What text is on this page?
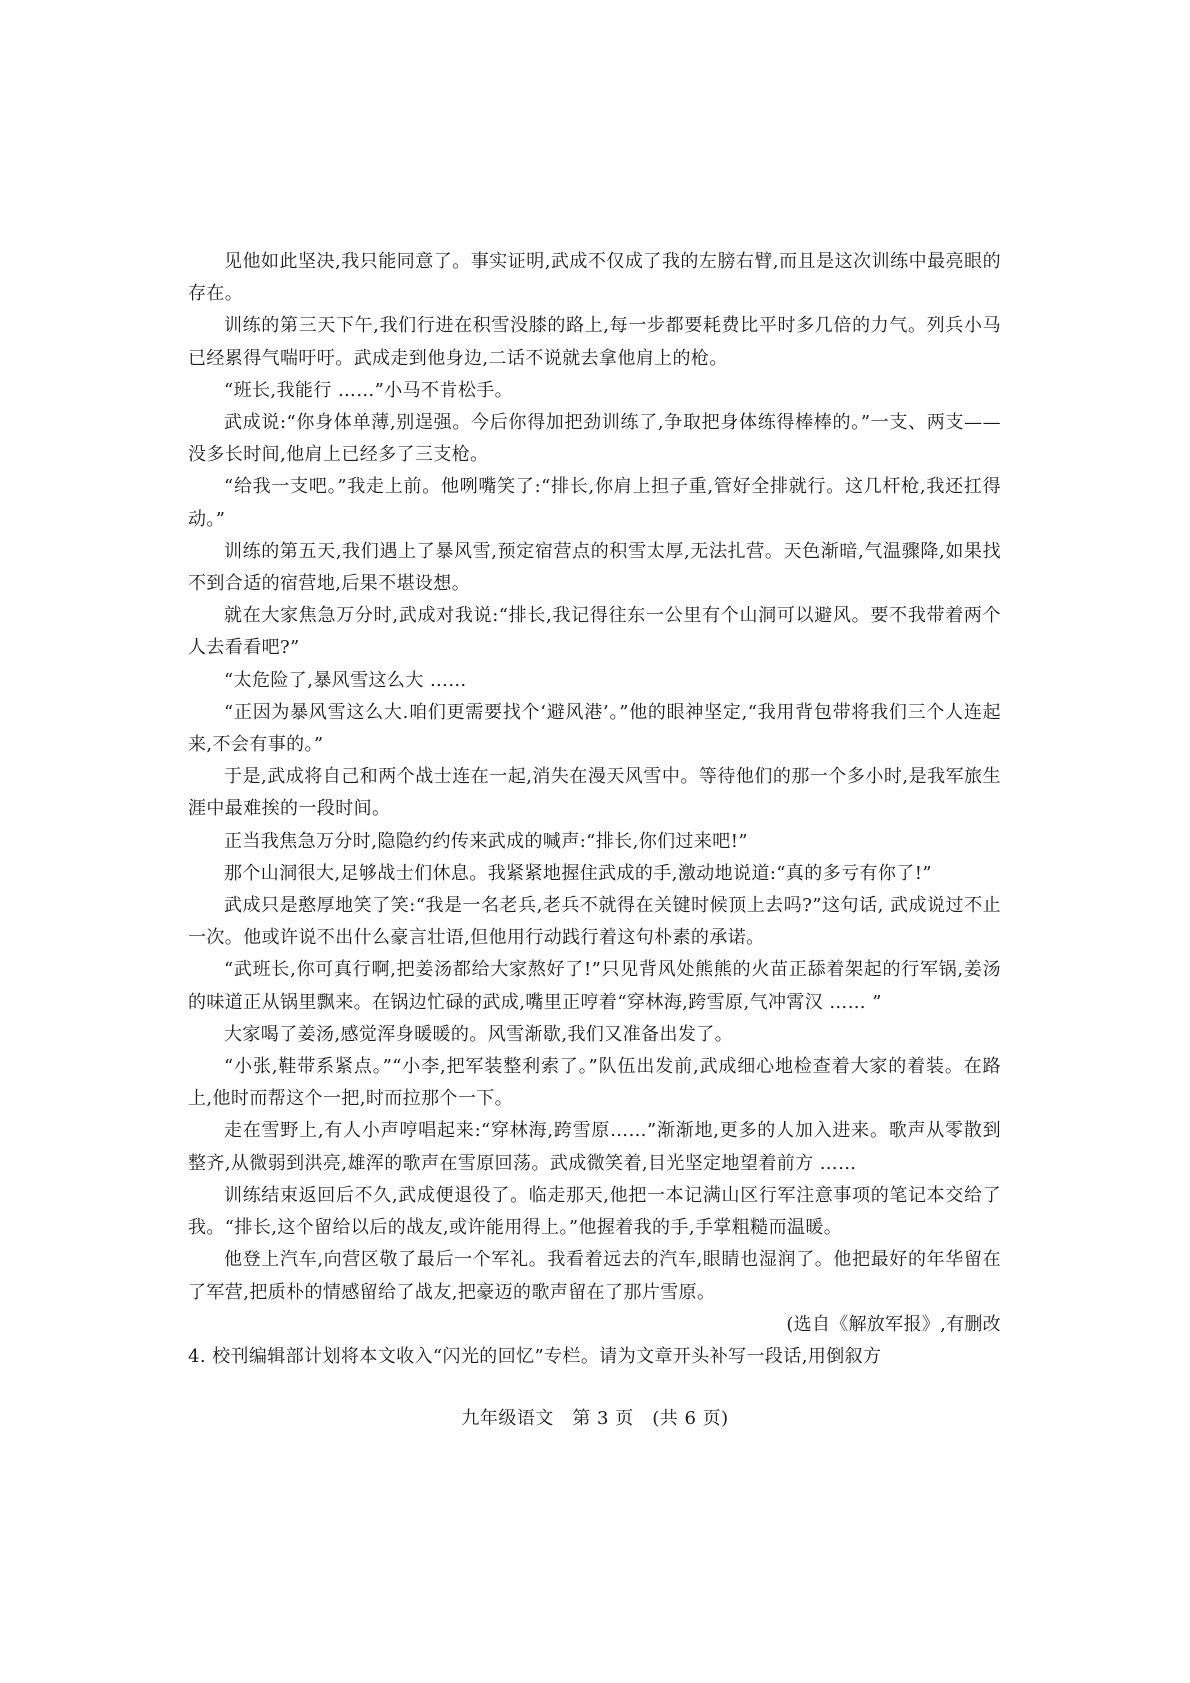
见他如此坚决,我只能同意了。事实证明,武成不仅成了我的左膀右臂,而且是这次训练中最亮眼的存在。

训练的第三天下午,我们行进在积雪没膝的路上,每一步都要耗费比平时多几倍的力气。列兵小马已经累得气喘吁吁。武成走到他身边,二话不说就去拿他肩上的枪。

“班长,我能行 ……”小马不肯松手。

武成说:“你身体单薄,别逞强。今后你得加把劲训练了,争取把身体练得棒棒的。”一支、两支——没多长时间,他肩上已经多了三支枪。

“给我一支吧。”我走上前。他咧嘴笑了:“排长,你肩上担子重,管好全排就行。这几杆枪,我还扛得动。”

训练的第五天,我们遇上了暴风雪,预定宿营点的积雪太厚,无法扎营。天色渐暗,气温骤降,如果找不到合适的宿营地,后果不堪设想。

就在大家焦急万分时,武成对我说:“排长,我记得往东一公里有个山洞可以避风。要不我带着两个人去看看吧?”

“太危险了,暴风雪这么大 ……

“正因为暴风雪这么大.咱们更需要找个‘避风港’。”他的眼神坚定,“我用背包带将我们三个人连起来,不会有事的。”

于是,武成将自己和两个战士连在一起,消失在漫天风雪中。等待他们的那一个多小时,是我军旅生涯中最难挨的一段时间。

正当我焦急万分时,隐隐约约传来武成的喊声:“排长,你们过来吧!”

那个山洞很大,足够战士们休息。我紧紧地握住武成的手,激动地说道:“真的多亏有你了!”

武成只是憨厚地笑了笑:“我是一名老兵,老兵不就得在关键时候顶上去吗?”这句话, 武成说过不止一次。他或许说不出什么豪言壮语,但他用行动践行着这句朴素的承诺。

“武班长,你可真行啊,把姜汤都给大家熬好了!”只见背风处熊熊的火苗正舔着架起的行军锅,姜汤的味道正从锅里飘来。在锅边忙碌的武成,嘴里正哼着“穿林海,跨雪原,气冲霄汉 …… ”

大家喝了姜汤,感觉浑身暖暖的。风雪渐歇,我们又准备出发了。

“小张,鞋带系紧点。”“小李,把军装整利索了。”队伍出发前,武成细心地检查着大家的着装。在路上,他时而帮这个一把,时而拉那个一下。

走在雪野上,有人小声哼唱起来:“穿林海,跨雪原……”渐渐地,更多的人加入进来。歌声从零散到整齐,从微弱到洪亮,雄浑的歌声在雪原回荡。武成微笑着,目光坚定地望着前方 ……

训练结束返回后不久,武成便退役了。临走那天,他把一本记满山区行军注意事项的笔记本交给了我。“排长,这个留给以后的战友,或许能用得上。”他握着我的手,手掌粗糙而温暖。

他登上汽车,向营区敬了最后一个军礼。我看着远去的汽车,眼睛也湿润了。他把最好的年华留在了军营,把质朴的情感留给了战友,把豪迈的歌声留在了那片雪原。

(选自《解放军报》,有删改

4. 校刊编辑部计划将本文收入“闪光的回忆”专栏。请为文章开头补写一段话,用倒叙方

九年级语文　第 3 页　(共 6 页)
